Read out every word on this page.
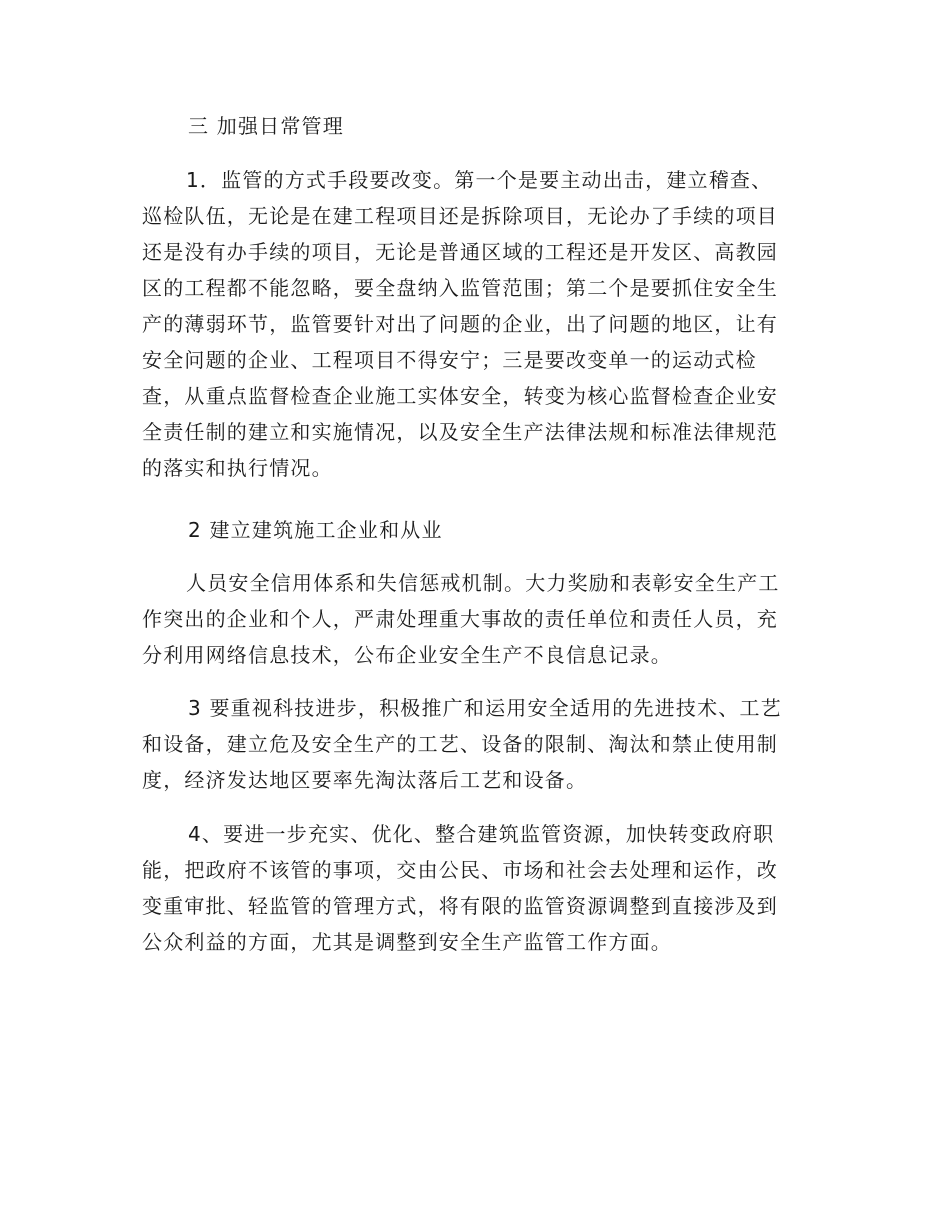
三 加强日常管理
1．监管的方式手段要改变。第一个是要主动出击，建立稽查、
巡检队伍，无论是在建工程项目还是拆除项目，无论办了手续的项目
还是没有办手续的项目，无论是普通区域的工程还是开发区、高教园
区的工程都不能忽略，要全盘纳入监管范围；第二个是要抓住安全生
产的薄弱环节，监管要针对出了问题的企业，出了问题的地区，让有
安全问题的企业、工程项目不得安宁；三是要改变单一的运动式检
查，从重点监督检查企业施工实体安全，转变为核心监督检查企业安
全责任制的建立和实施情况，以及安全生产法律法规和标准法律规范
的落实和执行情况。
2 建立建筑施工企业和从业
人员安全信用体系和失信惩戒机制。大力奖励和表彰安全生产工
作突出的企业和个人，严肃处理重大事故的责任单位和责任人员，充
分利用网络信息技术，公布企业安全生产不良信息记录。
3 要重视科技进步，积极推广和运用安全适用的先进技术、工艺
和设备，建立危及安全生产的工艺、设备的限制、淘汰和禁止使用制
度，经济发达地区要率先淘汰落后工艺和设备。
4、要进一步充实、优化、整合建筑监管资源，加快转变政府职
能，把政府不该管的事项，交由公民、市场和社会去处理和运作，改
变重审批、轻监管的管理方式，将有限的监管资源调整到直接涉及到
公众利益的方面，尤其是调整到安全生产监管工作方面。
